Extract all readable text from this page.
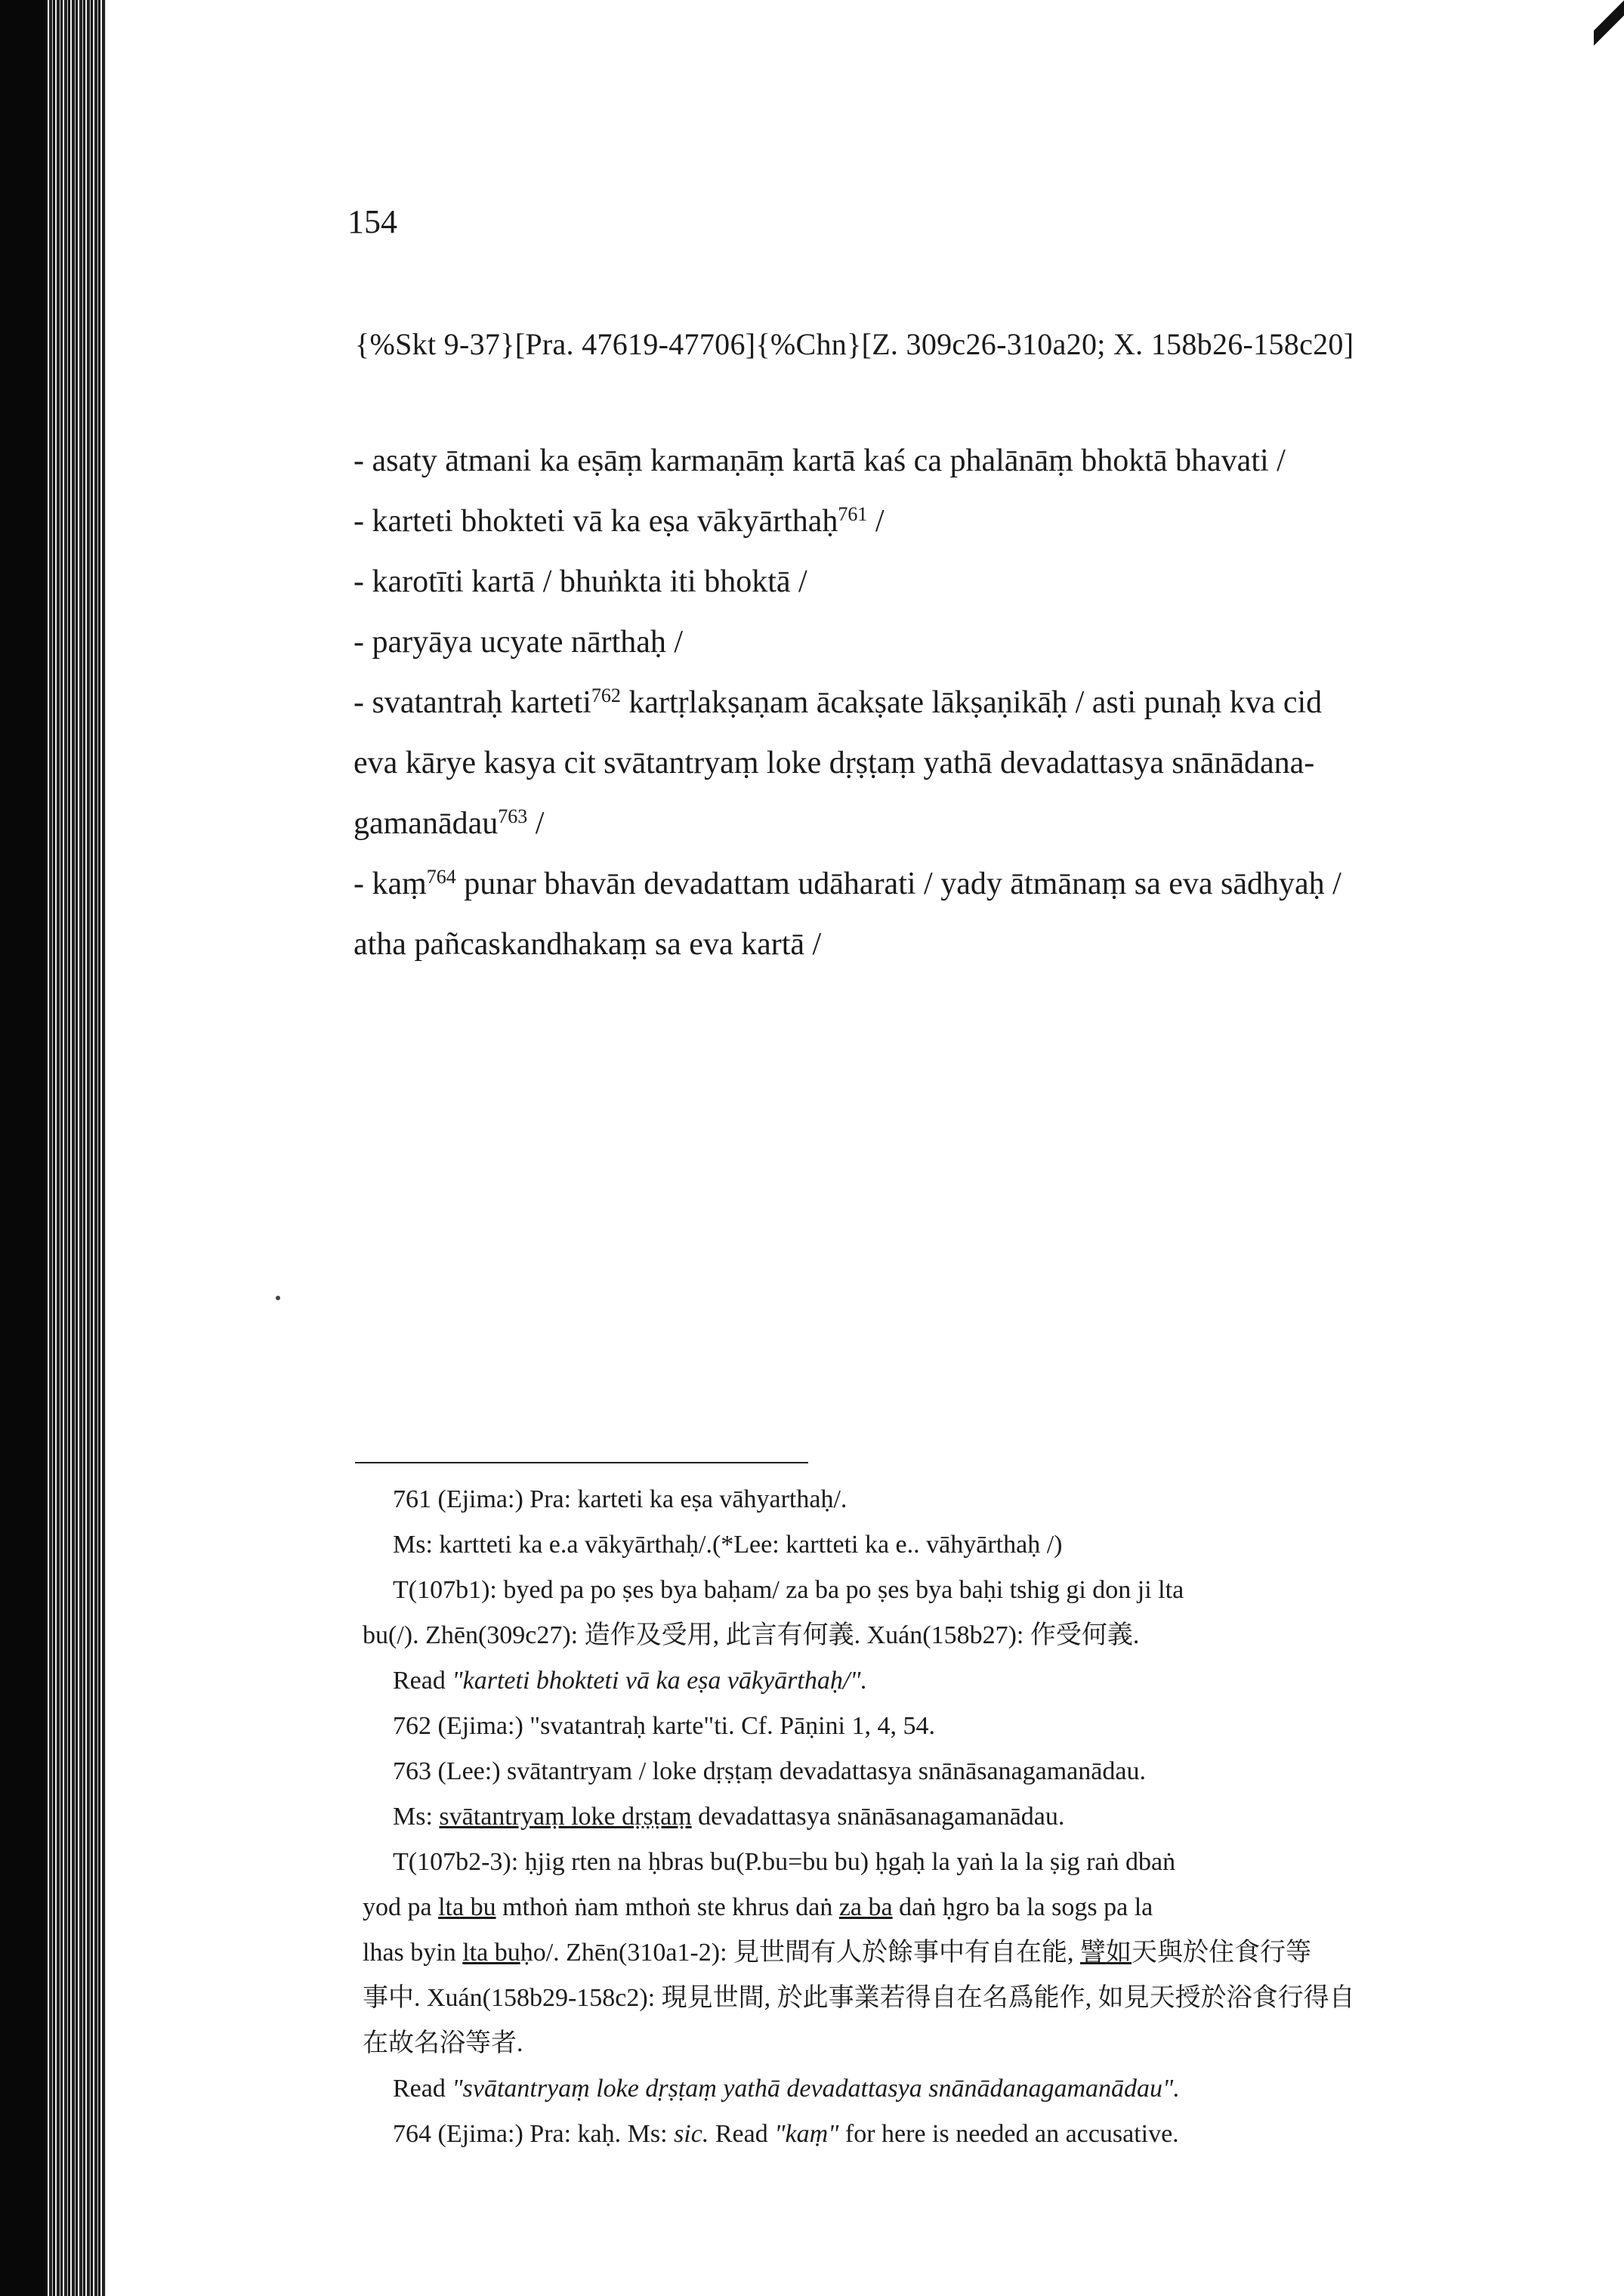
154
{%Skt 9-37}[Pra. 47619-47706]{%Chn}[Z. 309c26-310a20; X. 158b26-158c20]
- asaty ātmani ka eṣāṃ karmaṇāṃ kartā kaś ca phalānāṃ bhoktā bhavati /
- karteti bhokteti vā ka eṣa vākyārthaḥ$^{761}$ /
- karotīti kartā / bhuṅkta iti bhoktā /
- paryāya ucyate nārthaḥ /
- svatantraḥ karteti$^{762}$ kartṛlakṣaṇam ācakṣate lākṣaṇikāḥ / asti punaḥ kva cid
eva kārye kasya cit svātantryaṃ loke dṛṣṭaṃ yathā devadattasya snānādana-
gamanādau$^{763}$ /
- kaṃ$^{764}$ punar bhavān devadattam udāharati / yady ātmānaṃ sa eva sādhyaḥ /
atha pañcaskandhakaṃ sa eva kartā /
761 (Ejima:) Pra: karteti ka eṣa vāhyarthaḥ/.
Ms: kartteti ka e.a vākyārthaḥ/.(*Lee: kartteti ka e.. vāhyārthaḥ /)
T(107b1): byed pa po ṣes bya baḥam/ za ba po ṣes bya baḥi tshig gi don ji lta
bu(/). Zhēn(309c27): 造作及受用, 此言有何義. Xuán(158b27): 作受何義.
Read "karteti bhokteti vā ka eṣa vākyārthaḥ/".
762 (Ejima:) "svatantraḥ karte"ti. Cf. Pāṇini 1, 4, 54.
763 (Lee:) svātantryam / loke dṛṣṭaṃ devadattasya snānāsanagamanādau.
Ms: svātantryaṃ loke dṛṣṭaṃ devadattasya snānāsanagamanādau.
T(107b2-3): ḥjig rten na ḥbras bu(P.bu=bu bu) ḥgaḥ la yaṅ la la ṣig raṅ dbaṅ
yod pa lta bu mthoṅ ṅam mthoṅ ste khrus daṅ za ba daṅ ḥgro ba la sogs pa la
lhas byin lta buḥo/. Zhēn(310a1-2): 見世間有人於餘事中有自在能, 譬如天與於住食行等
事中. Xuán(158b29-158c2): 現見世間, 於此事業若得自在名爲能作, 如見天授於浴食行得自
在故名浴等者.
Read "svātantryaṃ loke dṛṣṭaṃ yathā devadattasya snānādanagamanādau".
764 (Ejima:) Pra: kaḥ. Ms: sic. Read "kaṃ" for here is needed an accusative.
